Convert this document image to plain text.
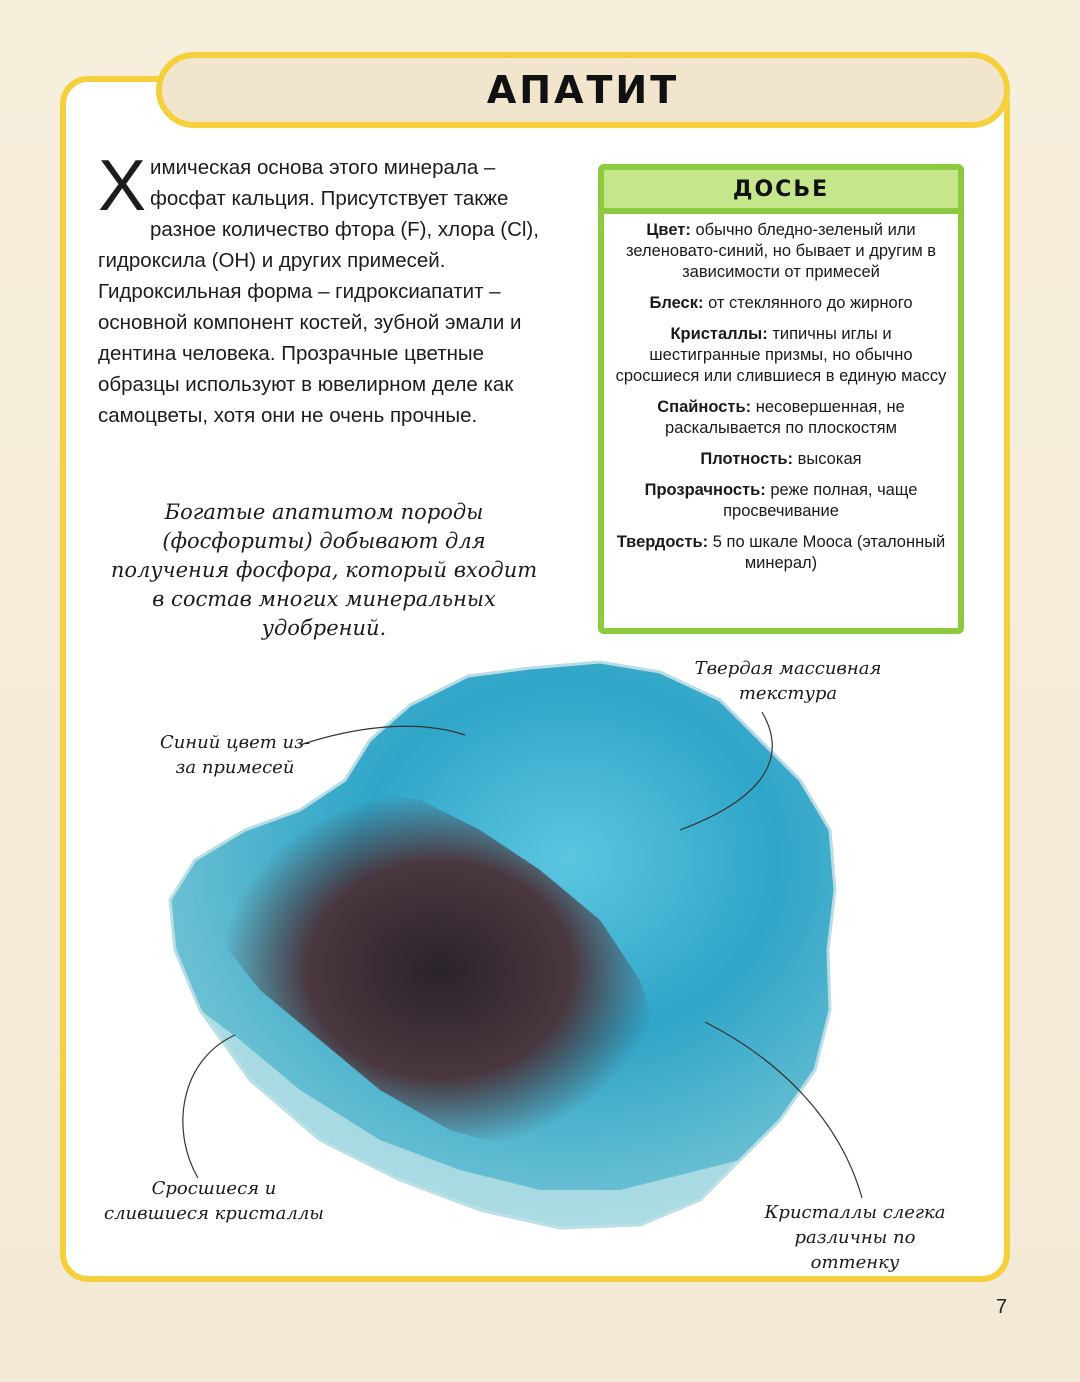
АПАТИТ
Химическая основа этого минерала – фосфат кальция. Присутствует также разное количество фтора (F), хлора (Cl), гидроксила (OH) и других примесей. Гидроксильная форма – гидроксиапатит – основной компонент костей, зубной эмали и дентина человека. Прозрачные цветные образцы используют в ювелирном деле как самоцветы, хотя они не очень прочные.
Богатые апатитом породы (фосфориты) добывают для получения фосфора, который входит в состав многих минеральных удобрений.
ДОСЬЕ
Цвет: обычно бледно-зеленый или зеленовато-синий, но бывает и другим в зависимости от примесей
Блеск: от стеклянного до жирного
Кристаллы: типичны иглы и шестигранные призмы, но обычно сросшиеся или слившиеся в единую массу
Спайность: несовершенная, не раскалывается по плоскостям
Плотность: высокая
Прозрачность: реже полная, чаще просвечивание
Твердость: 5 по шкале Мооса (эталонный минерал)
Синий цвет из-за примесей
Твердая массивная текстура
Сросшиеся и слившиеся кристаллы	Кристаллы слегка различны по оттенку
7
